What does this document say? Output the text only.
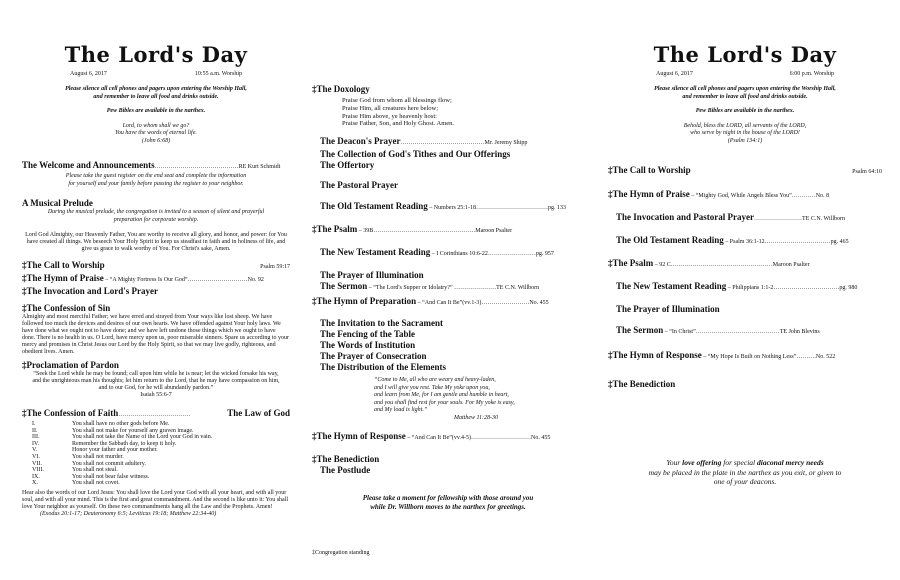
The Lord's Day
August 6, 2017	10:55 a.m. Worship
Please silence all cell phones and pagers upon entering the Worship Hall,
and remember to leave all food and drinks outside.
Pew Bibles are available in the narthex.
Lord, to whom shall we go?
You have the words of eternal life.
(John 6:68)
The Welcome and Announcements……………………………………RE Kurt Schmidt
Please take the guest register on the end seat and complete the information
for yourself and your family before passing the register to your neighbor.
A Musical Prelude
During the musical prelude, the congregation is invited to a season of silent and prayerful
preparation for corporate worship.
Lord God Almighty, our Heavenly Father, You are worthy to receive all glory, and honor, and power: for You have created all things. We beseech Your Holy Spirit to keep us steadfast in faith and in holiness of life, and give us grace to walk worthy of You. For Christ's sake, Amen.
‡The Call to Worship	Psalm 59:17
‡The Hymn of Praise – “A Mighty Fortress Is Our God”…………………………No. 92
‡The Invocation and Lord's Prayer
‡The Confession of Sin
Almighty and most merciful Father; we have erred and strayed from Your ways like lost sheep. We have followed too much the devices and desires of our own hearts. We have offended against Your holy laws. We have done what we ought not to have done; and we have left undone those things which we ought to have done. There is no health in us. O Lord, have mercy upon us, poor miserable sinners. Spare us according to your mercy and promises in Christ Jesus our Lord by the Holy Spirit, so that we may live godly, righteous, and obedient lives. Amen.
‡Proclamation of Pardon
“Seek the Lord while he may be found; call upon him while he is near; let the wicked forsake his way, and the unrighteous man his thoughts; let him return to the Lord, that he may have compassion on him, and to our God, for he will abundantly pardon.”
Isaiah 55:6-7
‡The Confession of Faith………………………………	The Law of God
I.	You shall have no other gods before Me.
II.	You shall not make for yourself any graven image.
III.	You shall not take the Name of the Lord your God in vain.
IV.	Remember the Sabbath day, to keep it holy.
V.	Honor your father and your mother.
VI.	You shall not murder.
VII.	You shall not commit adultery.
VIII.	You shall not steal.
IX.	You shall not bear false witness.
X.	You shall not covet.
Hear also the words of our Lord Jesus: You shall love the Lord your God with all your heart, and with all your soul, and with all your mind. This is the first and great commandment. And the second is like unto it: You shall love Your neighbor as yourself. On these two commandments hang all the Law and the Prophets. Amen!
(Exodus 20:1-17; Deuteronomy 6:5; Leviticus 19:18; Matthew 22:34-40)
‡The Doxology
Praise God from whom all blessings flow;
Praise Him, all creatures here below;
Praise Him above, ye heavenly host:
Praise Father, Son, and Holy Ghost. Amen.
The Deacon's Prayer……………………………………Mr. Jeremy Shipp
The Collection of God's Tithes and Our Offerings
The Offertory
The Pastoral Prayer
The Old Testament Reading – Numbers 25:1-18………………………………pg. 133
‡The Psalm – 39B……………………………………………Maroon Psalter
The New Testament Reading – I Corinthians 10:6-22……………………pg. 957
The Prayer of Illumination
The Sermon – “The Lord's Supper or Idolatry?” …………………TE C.N. Willborn
‡The Hymn of Preparation – “And Can It Be”(vv.1-3)……………………No. 455
The Invitation to the Sacrament
The Fencing of the Table
The Words of Institution
The Prayer of Consecration
The Distribution of the Elements
“Come to Me, all who are weary and heavy-laden,
and I will give you rest. Take My yoke upon you,
and learn from Me, for I am gentle and humble in heart,
and you shall find rest for your souls. For My yoke is easy,
and My load is light.”
Matthew 11:28-30
‡The Hymn of Response – “And Can It Be”(vv.4-5)…………………………No. 455
‡The Benediction
The Postlude
Please take a moment for fellowship with those around you
while Dr. Willborn moves to the narthex for greetings.
‡Congregation standing
The Lord's Day
August 6, 2017	6:00 p.m. Worship
Please silence all cell phones and pagers upon entering the Worship Hall,
and remember to leave all food and drinks outside.
Pew Bibles are available in the narthex.
Behold, bless the LORD, all servants of the LORD,
who serve by night in the house of the LORD!
(Psalm 134:1)
‡The Call to Worship	Psalm 64:10
‡The Hymn of Praise – “Mighty God, While Angels Bless You”…………No. 8
The Invocation and Pastoral Prayer……………………TE C.N. Willborn
The Old Testament Reading – Psalm 36:1-12……………………………pg. 465
‡The Psalm – 92 C……………………………………………Maroon Psalter
The New Testament Reading – Philippians 1:1-2……………………………pg. 980
The Prayer of Illumination
The Sermon – “In Christ”……………………………………TE John Blevins
‡The Hymn of Response – “My Hope Is Built on Nothing Less”……….No. 522
‡The Benediction
Your love offering for special diaconal mercy needs
may be placed in the plate in the narthex as you exit, or given to
one of your deacons.
